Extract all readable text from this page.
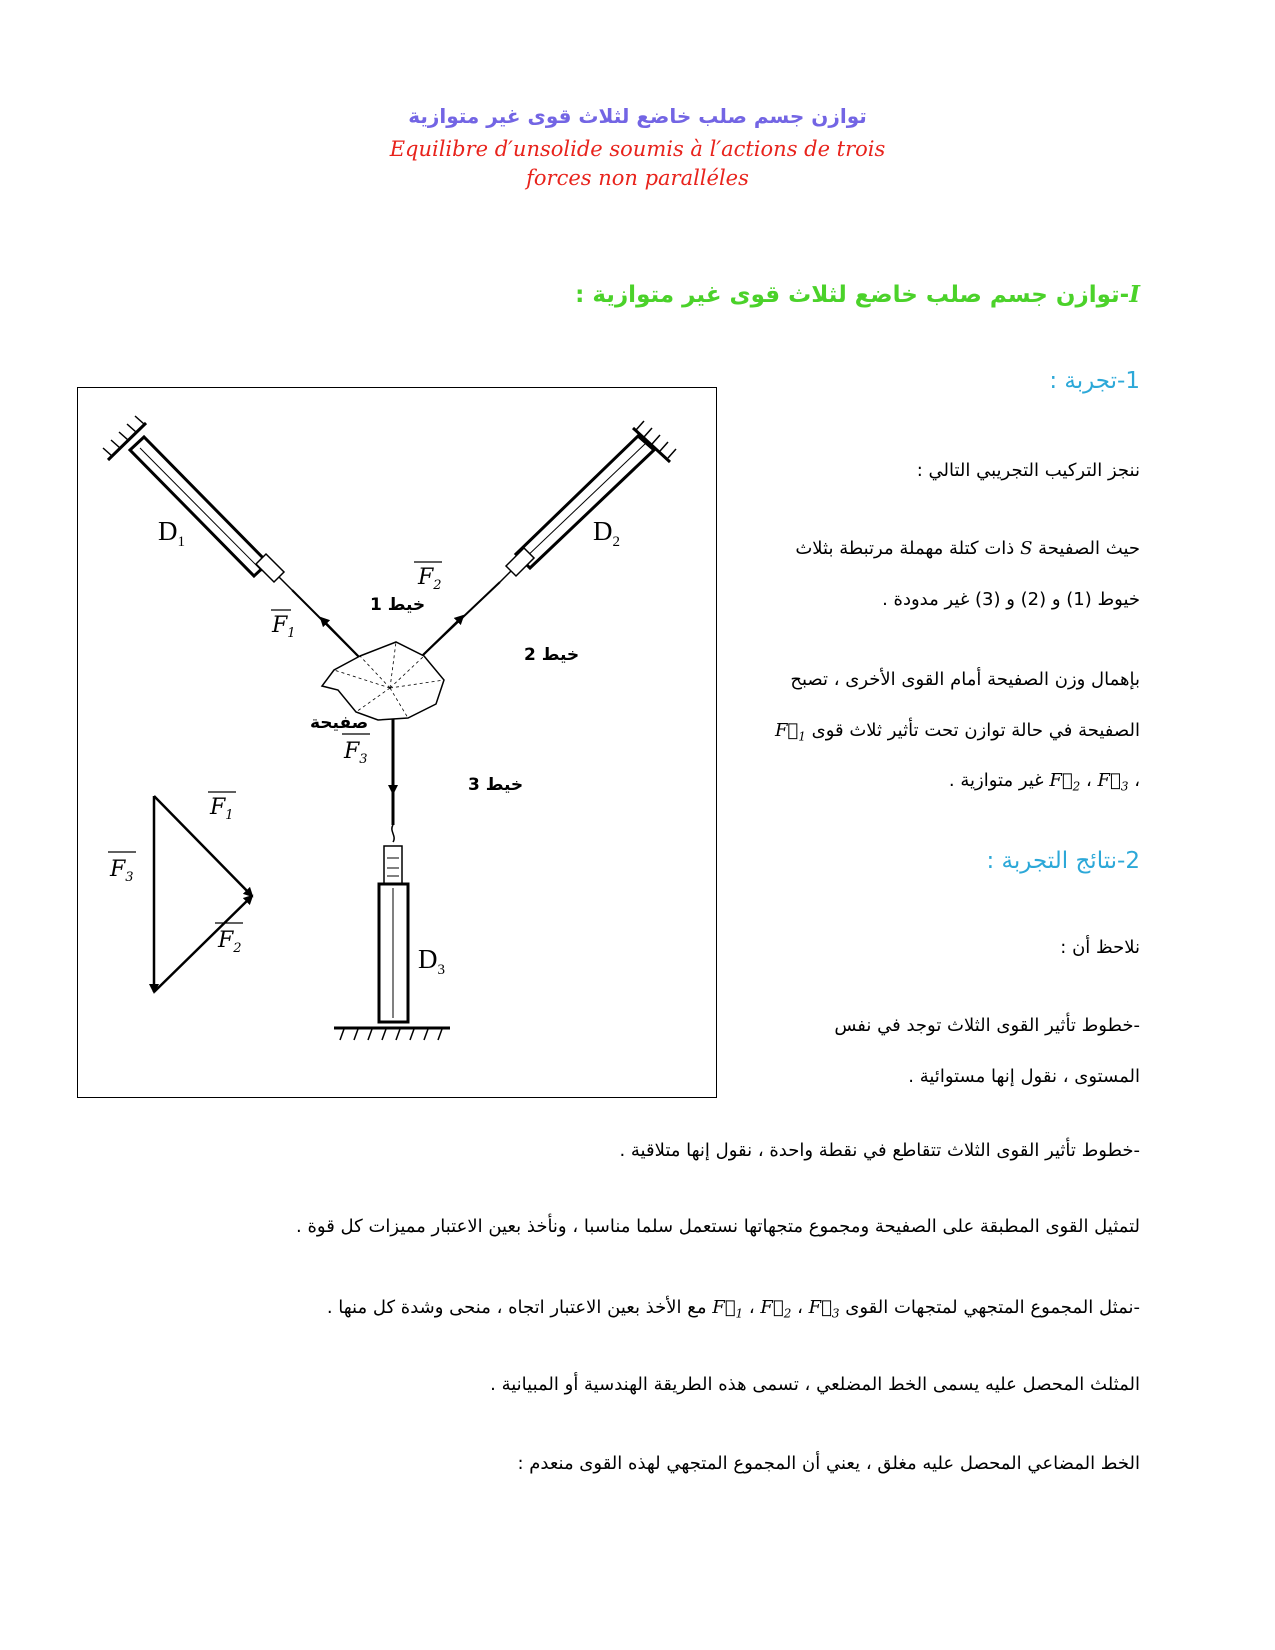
توازن جسم صلب خاضع لثلاث قوى غير متوازية
Equilibre d′unsolide soumis à l′actions de trois
forces non paralléles
I-توازن جسم صلب خاضع لثلاث قوى غير متوازية :
1-تجربة :
ننجز التركيب التجريبي التالي :
حيث الصفيحة S ذات كتلة مهملة مرتبطة بثلاث
خيوط (1) و (2) و (3) غير مدودة .
بإهمال وزن الصفيحة أمام القوى الأخرى ، تصبح
الصفيحة في حالة توازن تحت تأثير ثلاث قوى $F_1$
، $F_2$ ، $F_3$ غير متوازية .
2-نتائج التجربة :
نلاحظ أن :
-خطوط تأثير القوى الثلاث توجد في نفس
المستوى ، نقول إنها مستوائية .
-خطوط تأثير القوى الثلاث تتقاطع في نقطة واحدة ، نقول إنها متلاقية .
لتمثيل القوى المطبقة على الصفيحة ومجموع متجهاتها نستعمل سلما مناسبا ، ونأخذ بعين الاعتبار مميزات كل قوة .
-نمثل المجموع المتجهي لمتجهات القوى $F_1$ ، $F_2$ ، $F_3$ مع الأخذ بعين الاعتبار اتجاه ، منحى وشدة كل منها .
المثلث المحصل عليه يسمى الخط المضلعي ، تسمى هذه الطريقة الهندسية أو المبيانية .
الخط المضاعي المحصل عليه مغلق ، يعني أن المجموع المتجهي لهذه القوى منعدم :
$D_1$	$D_2$
$D_3$
خيط 1
خيط 2
خيط 3
صفيحة
$F_1$
$F_2$
$F_3$
$F_1$
$F_2$
$F_3$
